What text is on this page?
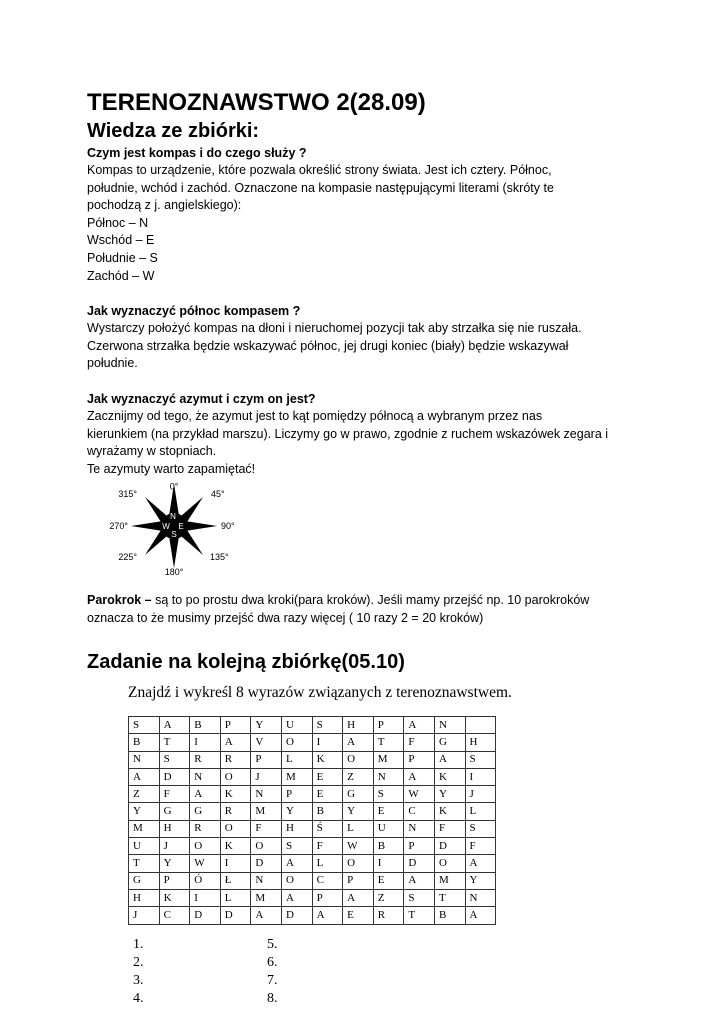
TERENOZNAWSTWO 2(28.09)

Wiedza ze zbiórki:

Czym jest kompas i do czego służy ?

Kompas to urządzenie, które pozwala określić strony świata. Jest ich cztery. Północ,

południe, wchód i zachód. Oznaczone na kompasie następującymi literami (skróty te

pochodzą z j. angielskiego):

Północ – N

Wschód – E

Południe – S

Zachód – W

Jak wyznaczyć północ kompasem ?

Wystarczy położyć kompas na dłoni i nieruchomej pozycji tak aby strzałka się nie ruszała.

Czerwona strzałka będzie wskazywać północ, jej drugi koniec (biały) będzie wskazywał

południe.

Jak wyznaczyć azymut i czym on jest?

Zacznijmy od tego, że azymut jest to kąt pomiędzy północą a wybranym przez nas

kierunkiem (na przykład marszu). Liczymy go w prawo, zgodnie z ruchem wskazówek zegara i

wyrażamy w stopniach.

Te azymuty warto zapamiętać!

N
E
S
W
0°
45°
90°
135°
180°
225°
270°
315°

Parokrok – są to po prostu dwa kroki(para kroków). Jeśli mamy przejść np. 10 parokroków

oznacza to że musimy przejść dwa razy więcej ( 10 razy 2 = 20 kroków)

Zadanie na kolejną zbiórkę(05.10)

Znajdź i wykreśl 8 wyrazów związanych z terenoznawstwem.

S	A	B	P	Y	U	S	H	P	A	N	
B	T	I	A	V	O	I	A	T	F	G	H
N	S	R	R	P	L	K	O	M	P	A	S
A	D	N	O	J	M	E	Z	N	A	K	I
Z	F	A	K	N	P	E	G	S	W	Y	J
Y	G	G	R	M	Y	B	Y	E	C	K	L
M	H	R	O	F	H	Ś	L	U	N	F	S
U	J	O	K	O	S	F	W	B	P	D	F
T	Y	W	I	D	A	L	O	I	D	O	A
G	P	Ó	Ł	N	O	C	P	E	A	M	Y
H	K	I	L	M	A	P	A	Z	S	T	N
J	C	D	D	A	D	A	E	R	T	B	A
1.
2.
3.
4.
5.
6.
7.
8.
